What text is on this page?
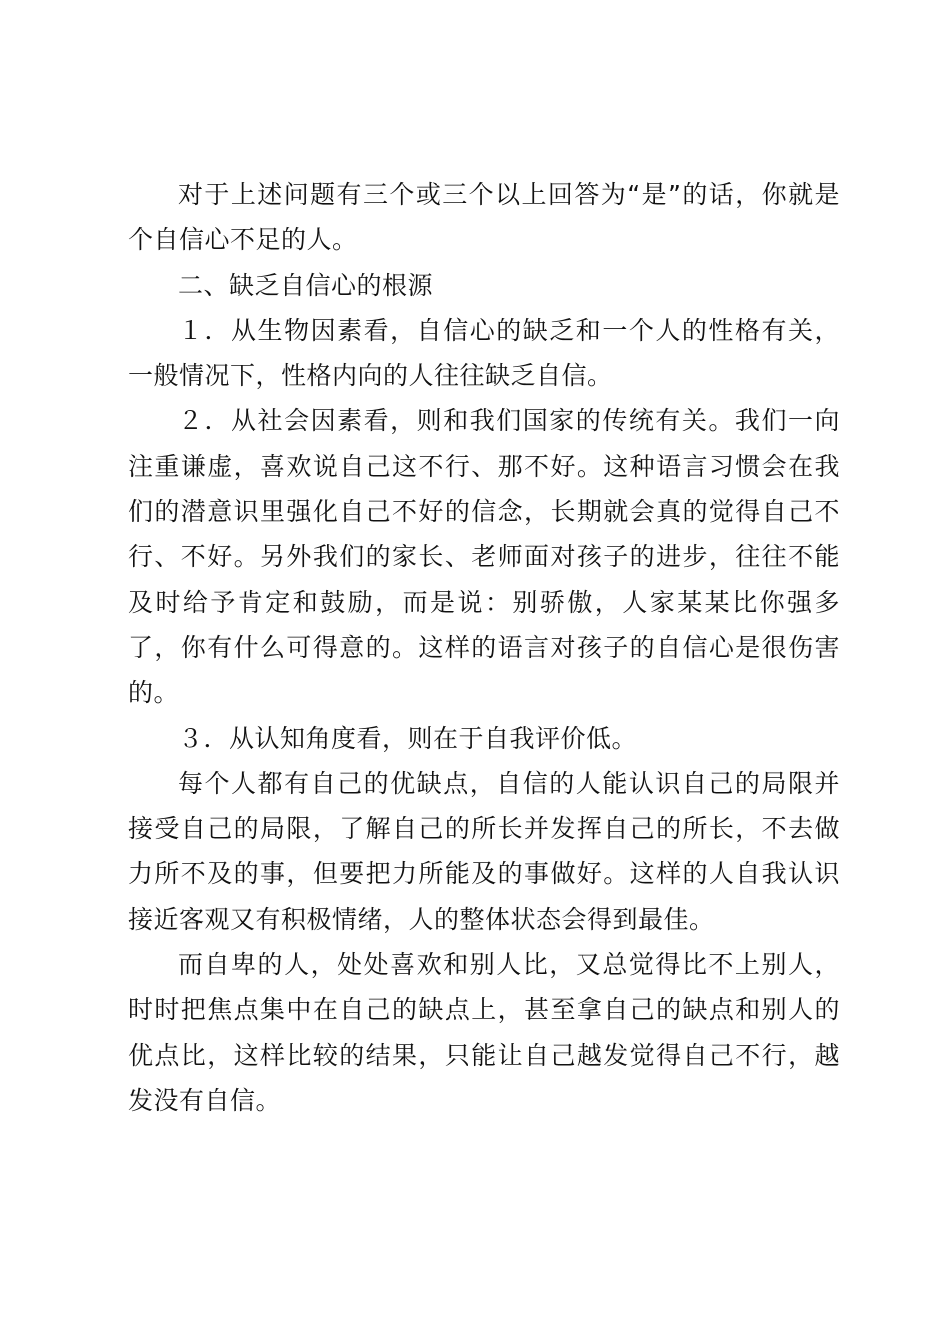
对于上述问题有三个或三个以上回答为“是”的话，你就是个自信心不足的人。

二、缺乏自信心的根源

１．从生物因素看，自信心的缺乏和一个人的性格有关，一般情况下，性格内向的人往往缺乏自信。

２．从社会因素看，则和我们国家的传统有关。我们一向注重谦虚，喜欢说自己这不行、那不好。这种语言习惯会在我们的潜意识里强化自己不好的信念，长期就会真的觉得自己不行、不好。另外我们的家长、老师面对孩子的进步，往往不能及时给予肯定和鼓励，而是说：别骄傲，人家某某比你强多了，你有什么可得意的。这样的语言对孩子的自信心是很伤害的。

３．从认知角度看，则在于自我评价低。

每个人都有自己的优缺点，自信的人能认识自己的局限并接受自己的局限，了解自己的所长并发挥自己的所长，不去做力所不及的事，但要把力所能及的事做好。这样的人自我认识接近客观又有积极情绪，人的整体状态会得到最佳。

而自卑的人，处处喜欢和别人比，又总觉得比不上别人，时时把焦点集中在自己的缺点上，甚至拿自己的缺点和别人的优点比，这样比较的结果，只能让自己越发觉得自己不行，越发没有自信。
